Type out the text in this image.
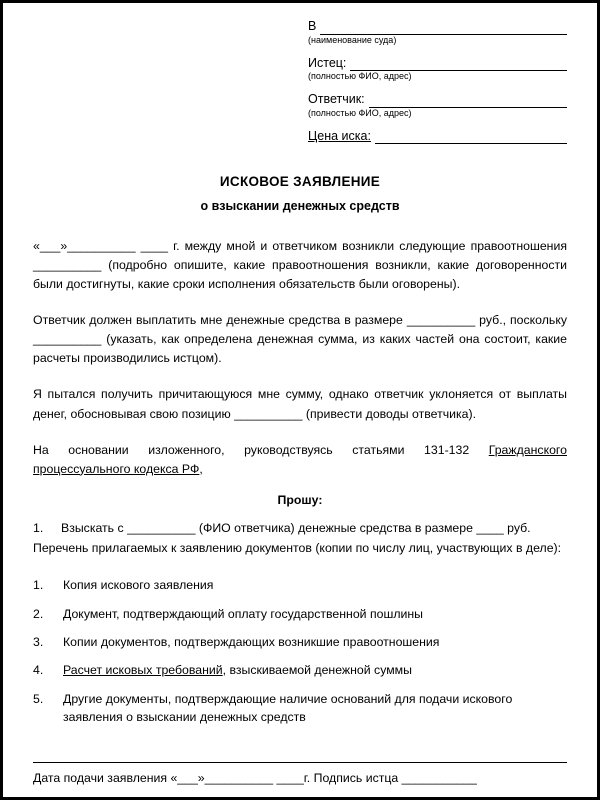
В
(наименование суда)
Истец:
(полностью ФИО, адрес)
Ответчик:
(полностью ФИО, адрес)
Цена иска:
ИСКОВОЕ ЗАЯВЛЕНИЕ
о взыскании денежных средств
«___»__________ ____ г. между мной и ответчиком возникли следующие правоотношения __________ (подробно опишите, какие правоотношения возникли, какие договоренности были достигнуты, какие сроки исполнения обязательств были оговорены).
Ответчик должен выплатить мне денежные средства в размере __________ руб., поскольку __________ (указать, как определена денежная сумма, из каких частей она состоит, какие расчеты производились истцом).
Я пытался получить причитающуюся мне сумму, однако ответчик уклоняется от выплаты денег, обосновывая свою позицию __________ (привести доводы ответчика).
На основании изложенного, руководствуясь статьями 131-132 Гражданского процессуального кодекса РФ,
Прошу:
1.	Взыскать с __________ (ФИО ответчика) денежные средства в размере ____ руб.
Перечень прилагаемых к заявлению документов (копии по числу лиц, участвующих в деле):
1.	Копия искового заявления
2.	Документ, подтверждающий оплату государственной пошлины
3.	Копии документов, подтверждающих возникшие правоотношения
4.	Расчет исковых требований, взыскиваемой денежной суммы
5.	Другие документы, подтверждающие наличие оснований для подачи искового заявления о взыскании денежных средств
Дата подачи заявления «___»__________ ____г. Подпись истца ___________
